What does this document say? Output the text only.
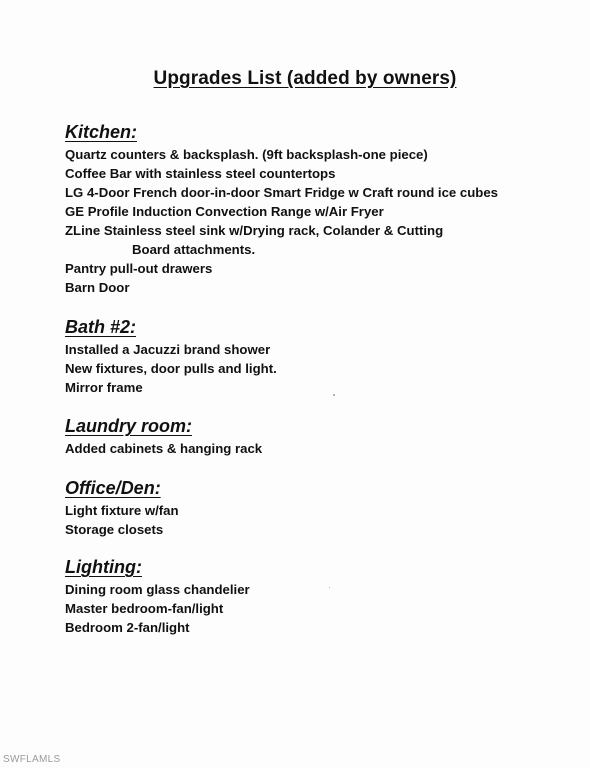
Upgrades List (added by owners)
Kitchen:
Quartz counters & backsplash. (9ft backsplash-one piece)
Coffee Bar with stainless steel countertops
LG 4-Door French door-in-door Smart Fridge w Craft round ice cubes
GE Profile Induction Convection Range w/Air Fryer
ZLine Stainless steel sink w/Drying rack, Colander & Cutting
Board attachments.
Pantry pull-out drawers
Barn Door
Bath #2:
Installed a Jacuzzi brand shower
New fixtures, door pulls and light.
Mirror frame
Laundry room:
Added cabinets & hanging rack
Office/Den:
Light fixture w/fan
Storage closets
Lighting:
Dining room glass chandelier
Master bedroom-fan/light
Bedroom 2-fan/light
SWFLAMLS
